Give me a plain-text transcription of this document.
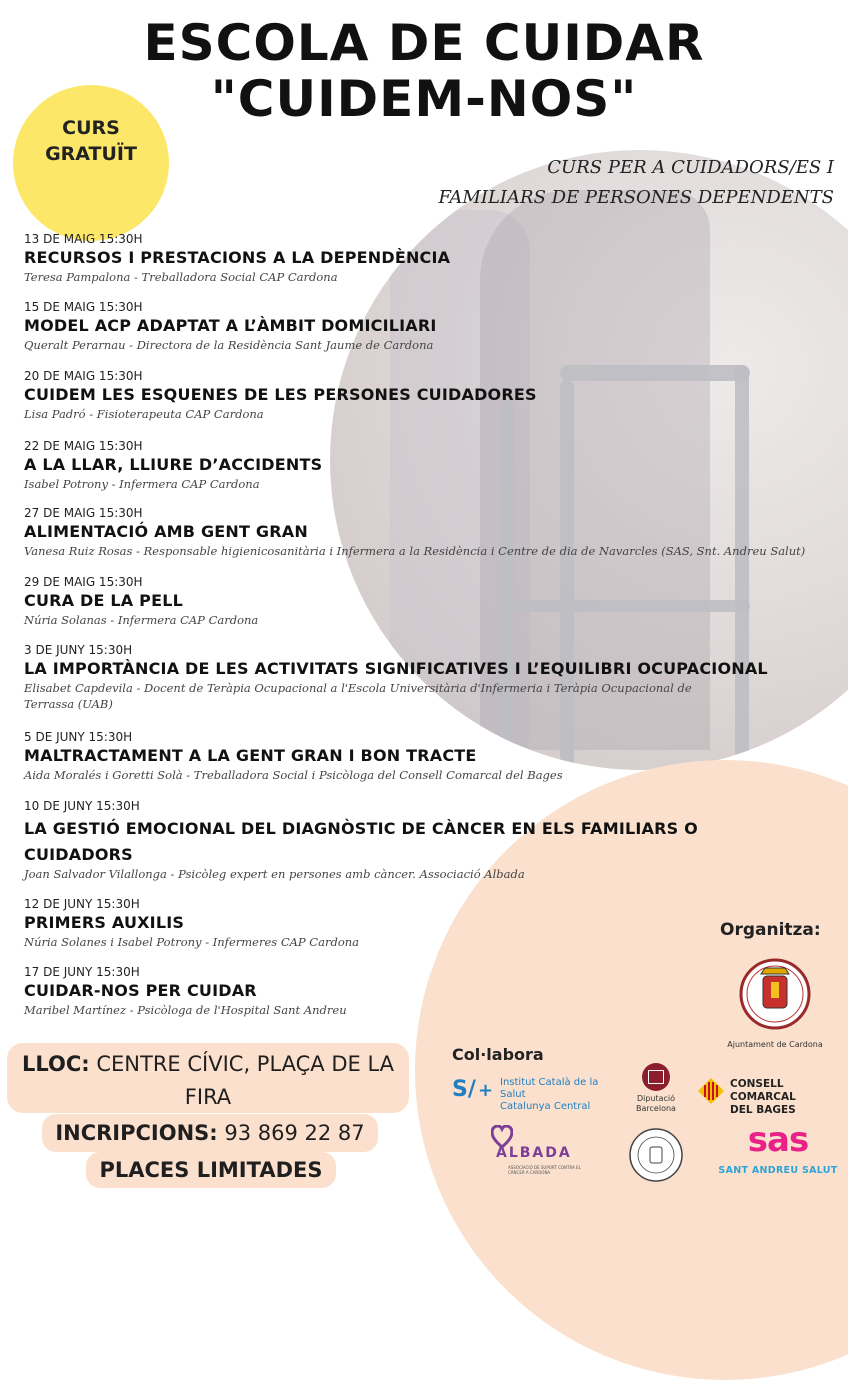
ESCOLA DE CUIDAR
"CUIDEM-NOS"
CURS
GRATUÏT
CURS PER A CUIDADORS/ES I
FAMILIARS DE PERSONES DEPENDENTS
13 DE MAIG 15:30H
RECURSOS I PRESTACIONS A LA DEPENDÈNCIA
Teresa Pampalona - Treballadora Social CAP Cardona
15 DE MAIG 15:30H
MODEL ACP ADAPTAT A L’ÀMBIT DOMICILIARI
Queralt Perarnau - Directora de la Residència Sant Jaume de Cardona
20 DE MAIG 15:30H
CUIDEM LES ESQUENES DE LES PERSONES CUIDADORES
Lisa Padró - Fisioterapeuta CAP Cardona
22 DE MAIG 15:30H
A LA LLAR, LLIURE D’ACCIDENTS
Isabel Potrony - Infermera CAP Cardona
27 DE MAIG 15:30H
ALIMENTACIÓ AMB GENT GRAN
Vanesa Ruiz Rosas - Responsable higienicosanitària i Infermera a la Residència i Centre de dia de Navarcles (SAS, Snt. Andreu Salut)
29 DE MAIG 15:30H
CURA DE LA PELL
Núria Solanas - Infermera CAP Cardona
3 DE JUNY 15:30H
LA IMPORTÀNCIA DE LES ACTIVITATS SIGNIFICATIVES I L’EQUILIBRI OCUPACIONAL
Elisabet Capdevila - Docent de Teràpia Ocupacional a l'Escola Universitària d'Infermeria i Teràpia Ocupacional de
Terrassa (UAB)
5 DE JUNY 15:30H
MALTRACTAMENT A LA GENT GRAN I BON TRACTE
Aida Moralés i Goretti Solà - Treballadora Social i Psicòloga del Consell Comarcal del Bages
10 DE JUNY 15:30H
LA GESTIÓ EMOCIONAL DEL DIAGNÒSTIC DE CÀNCER EN ELS FAMILIARS O
CUIDADORS
Joan Salvador Vilallonga - Psicòleg expert en persones amb càncer. Associació Albada
12 DE JUNY 15:30H
PRIMERS AUXILIS
Núria Solanes i Isabel Potrony - Infermeres CAP Cardona
17 DE JUNY 15:30H
CUIDAR-NOS PER CUIDAR
Maribel Martínez - Psicòloga de l'Hospital Sant Andreu
LLOC: CENTRE CÍVIC, PLAÇA DE LA
FIRA
INCRIPCIONS: 93 869 22 87
PLACES LIMITADES
Organitza:
Ajuntament de Cardona
Col·labora
S/ + Institut Català de la Salut
Catalunya Central
Diputació
Barcelona
CONSELL COMARCAL
DEL BAGES
ALBADA
ASSOCIACIÓ DE SUPORT CONTRA EL CÀNCER A CARDONA
sas
SANT ANDREU SALUT
